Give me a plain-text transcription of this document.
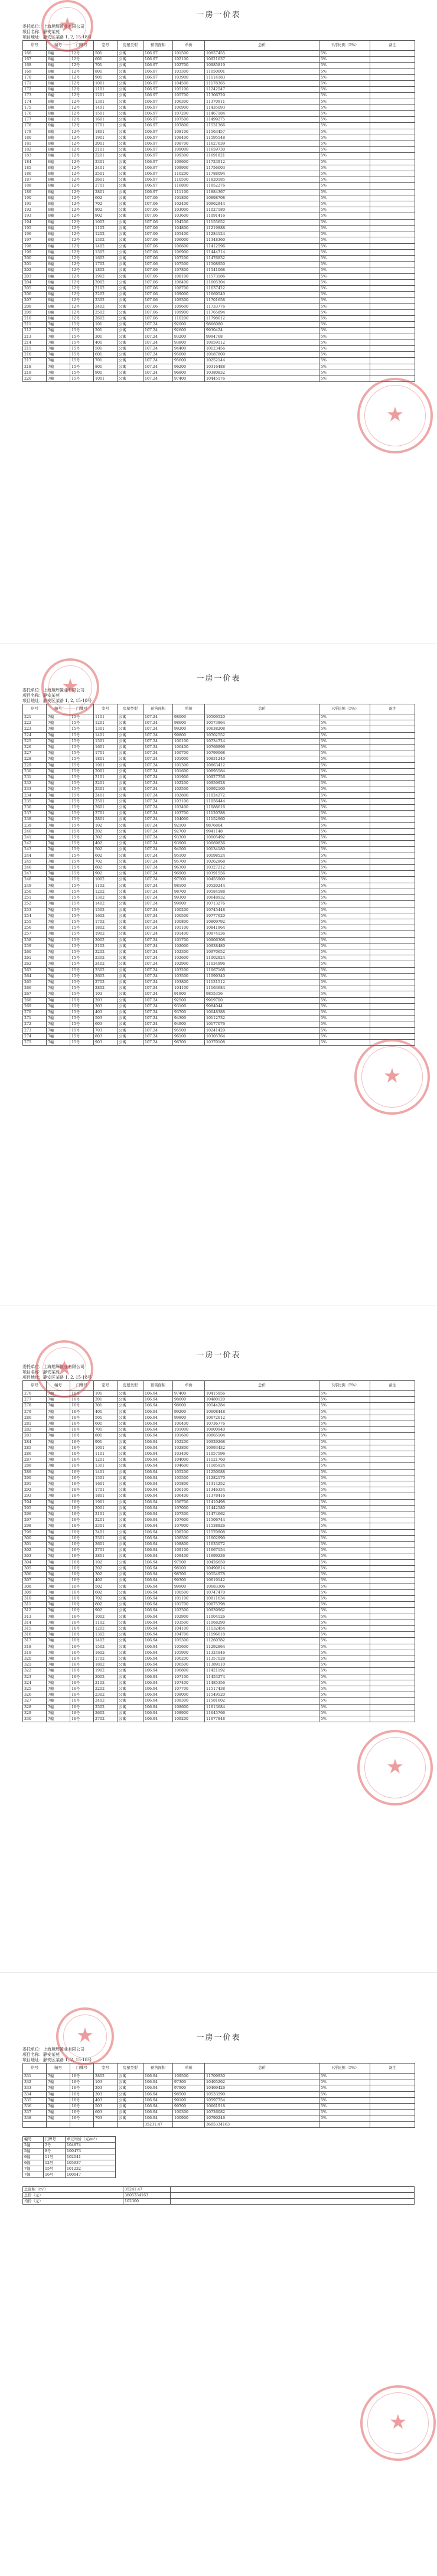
一房一价表
委托单位：上海旭辉置业有限公司
项目名称：静安某苑
项目地址：静安区某路 1, 2, 15-18号
序号	幢号	门牌号	室号	房屋类型	预售面积	单价	总价	下浮比例（5%）	备注
166	6幢	12号	501	公寓	106.97	101500	10857455	5%	
167	6幢	12号	601	公寓	106.97	102100	10921637	5%	
168	6幢	12号	701	公寓	106.97	102700	10985819	5%	
169	6幢	12号	801	公寓	106.97	103300	11050001	5%	
170	6幢	12号	901	公寓	106.97	103900	11114183	5%	
171	6幢	12号	1001	公寓	106.97	104500	11178365	5%	
172	6幢	12号	1101	公寓	106.97	105100	11242547	5%	
173	6幢	12号	1201	公寓	106.97	105700	11306729	5%	
174	6幢	12号	1301	公寓	106.97	106300	11370911	5%	
175	6幢	12号	1401	公寓	106.97	106900	11435093	5%	
176	6幢	12号	1501	公寓	106.97	107200	11467184	5%	
177	6幢	12号	1601	公寓	106.97	107500	11499275	5%	
178	6幢	12号	1701	公寓	106.97	107800	11531366	5%	
179	6幢	12号	1801	公寓	106.97	108100	11563457	5%	
180	6幢	12号	1901	公寓	106.97	108400	11595548	5%	
181	6幢	12号	2001	公寓	106.97	108700	11627639	5%	
182	6幢	12号	2101	公寓	106.97	109000	11659730	5%	
183	6幢	12号	2201	公寓	106.97	109300	11691821	5%	
184	6幢	12号	2301	公寓	106.97	109600	11723912	5%	
185	6幢	12号	2401	公寓	106.97	109900	11756003	5%	
186	6幢	12号	2501	公寓	106.97	110200	11788094	5%	
187	6幢	12号	2601	公寓	106.97	110500	11820185	5%	
188	6幢	12号	2701	公寓	106.97	110800	11852276	5%	
189	6幢	12号	2801	公寓	106.97	111100	11884367	5%	
190	6幢	12号	602	公寓	107.06	101800	10898708	5%	
191	6幢	12号	702	公寓	107.06	102400	10962944	5%	
192	6幢	12号	802	公寓	107.06	103000	11027180	5%	
193	6幢	12号	902	公寓	107.06	103600	11091416	5%	
194	6幢	12号	1002	公寓	107.06	104200	11155652	5%	
195	6幢	12号	1102	公寓	107.06	104800	11219888	5%	
196	6幢	12号	1202	公寓	107.06	105400	11284124	5%	
197	6幢	12号	1302	公寓	107.06	106000	11348360	5%	
198	6幢	12号	1402	公寓	107.06	106600	11412596	5%	
199	6幢	12号	1502	公寓	107.06	106900	11444714	5%	
200	6幢	12号	1602	公寓	107.06	107200	11476832	5%	
201	6幢	12号	1702	公寓	107.06	107500	11508950	5%	
202	6幢	12号	1802	公寓	107.06	107800	11541068	5%	
203	6幢	12号	1902	公寓	107.06	108100	11573186	5%	
204	6幢	12号	2002	公寓	107.06	108400	11605304	5%	
205	6幢	12号	2102	公寓	107.06	108700	11637422	5%	
206	6幢	12号	2202	公寓	107.06	109000	11669540	5%	
207	6幢	12号	2302	公寓	107.06	109300	11701658	5%	
208	6幢	12号	2402	公寓	107.06	109600	11733776	5%	
209	6幢	12号	2502	公寓	107.06	109900	11765894	5%	
210	6幢	12号	2602	公寓	107.06	110200	11798012	5%	
211	7幢	15号	101	公寓	107.24	92000	9866080	5%	
212	7幢	15号	201	公寓	107.24	92600	9930424	5%	
213	7幢	15号	301	公寓	107.24	93200	9994768	5%	
214	7幢	15号	401	公寓	107.24	93800	10059112	5%	
215	7幢	15号	501	公寓	107.24	94400	10123456	5%	
216	7幢	15号	601	公寓	107.24	95000	10187800	5%	
217	7幢	15号	701	公寓	107.24	95600	10252144	5%	
218	7幢	15号	801	公寓	107.24	96200	10316488	5%	
219	7幢	15号	901	公寓	107.24	96800	10380832	5%	
220	7幢	15号	1001	公寓	107.24	97400	10445176	5%	
★
★
一房一价表
委托单位：上海旭辉置业有限公司
项目名称：静安某苑
项目地址：静安区某路 1, 2, 15-18号
序号	幢号	门牌号	室号	房屋类型	预售面积	单价	总价	下浮比例（5%）	备注
221	7幢	15号	1101	公寓	107.24	98000	10509520	5%	
222	7幢	15号	1201	公寓	107.24	98600	10573864	5%	
223	7幢	15号	1301	公寓	107.24	99200	10638208	5%	
224	7幢	15号	1401	公寓	107.24	99800	10702552	5%	
225	7幢	15号	1501	公寓	107.24	100100	10734724	5%	
226	7幢	15号	1601	公寓	107.24	100400	10766896	5%	
227	7幢	15号	1701	公寓	107.24	100700	10799068	5%	
228	7幢	15号	1801	公寓	107.24	101000	10831240	5%	
229	7幢	15号	1901	公寓	107.24	101300	10863412	5%	
230	7幢	15号	2001	公寓	107.24	101600	10895584	5%	
231	7幢	15号	2101	公寓	107.24	101900	10927756	5%	
232	7幢	15号	2201	公寓	107.24	102200	10959928	5%	
233	7幢	15号	2301	公寓	107.24	102500	10992100	5%	
234	7幢	15号	2401	公寓	107.24	102800	11024272	5%	
235	7幢	15号	2501	公寓	107.24	103100	11056444	5%	
236	7幢	15号	2601	公寓	107.24	103400	11088616	5%	
237	7幢	15号	2701	公寓	107.24	103700	11120788	5%	
238	7幢	15号	2801	公寓	107.24	104000	11152960	5%	
239	7幢	15号	102	公寓	107.24	92100	9876804	5%	
240	7幢	15号	202	公寓	107.24	92700	9941148	5%	
241	7幢	15号	302	公寓	107.24	93300	10005492	5%	
242	7幢	15号	402	公寓	107.24	93900	10069836	5%	
243	7幢	15号	502	公寓	107.24	94500	10134180	5%	
244	7幢	15号	602	公寓	107.24	95100	10198524	5%	
245	7幢	15号	702	公寓	107.24	95700	10262868	5%	
246	7幢	15号	802	公寓	107.24	96300	10327212	5%	
247	7幢	15号	902	公寓	107.24	96900	10391556	5%	
248	7幢	15号	1002	公寓	107.24	97500	10455900	5%	
249	7幢	15号	1102	公寓	107.24	98100	10520244	5%	
250	7幢	15号	1202	公寓	107.24	98700	10584588	5%	
251	7幢	15号	1302	公寓	107.24	99300	10648932	5%	
252	7幢	15号	1402	公寓	107.24	99900	10713276	5%	
253	7幢	15号	1502	公寓	107.24	100200	10745448	5%	
254	7幢	15号	1602	公寓	107.24	100500	10777620	5%	
255	7幢	15号	1702	公寓	107.24	100800	10809792	5%	
256	7幢	15号	1802	公寓	107.24	101100	10841964	5%	
257	7幢	15号	1902	公寓	107.24	101400	10874136	5%	
258	7幢	15号	2002	公寓	107.24	101700	10906308	5%	
259	7幢	15号	2102	公寓	107.24	102000	10938480	5%	
260	7幢	15号	2202	公寓	107.24	102300	10970652	5%	
261	7幢	15号	2302	公寓	107.24	102600	11002824	5%	
262	7幢	15号	2402	公寓	107.24	102900	11034996	5%	
263	7幢	15号	2502	公寓	107.24	103200	11067168	5%	
264	7幢	15号	2602	公寓	107.24	103500	11099340	5%	
265	7幢	15号	2702	公寓	107.24	103800	11131512	5%	
266	7幢	15号	2802	公寓	107.24	104100	11163684	5%	
267	7幢	15号	103	公寓	107.24	91900	9855356	5%	
268	7幢	15号	203	公寓	107.24	92500	9919700	5%	
269	7幢	15号	303	公寓	107.24	93100	9984044	5%	
270	7幢	15号	403	公寓	107.24	93700	10048388	5%	
271	7幢	15号	503	公寓	107.24	94300	10112732	5%	
272	7幢	15号	603	公寓	107.24	94900	10177076	5%	
273	7幢	15号	703	公寓	107.24	95500	10241420	5%	
274	7幢	15号	803	公寓	107.24	96100	10305764	5%	
275	7幢	15号	903	公寓	107.24	96700	10370108	5%	
★
★
一房一价表
委托单位：上海旭辉置业有限公司
项目名称：静安某苑
项目地址：静安区某路 1, 2, 15-18号
序号	幢号	门牌号	室号	房屋类型	预售面积	单价	总价	下浮比例（5%）	备注
276	7幢	16号	101	公寓	106.94	97400	10415956	5%	
277	7幢	16号	201	公寓	106.94	98000	10480120	5%	
278	7幢	16号	301	公寓	106.94	98600	10544284	5%	
279	7幢	16号	401	公寓	106.94	99200	10608448	5%	
280	7幢	16号	501	公寓	106.94	99800	10672612	5%	
281	7幢	16号	601	公寓	106.94	100400	10736776	5%	
282	7幢	16号	701	公寓	106.94	101000	10800940	5%	
283	7幢	16号	801	公寓	106.94	101600	10865104	5%	
284	7幢	16号	901	公寓	106.94	102200	10929268	5%	
285	7幢	16号	1001	公寓	106.94	102800	10993432	5%	
286	7幢	16号	1101	公寓	106.94	103400	11057596	5%	
287	7幢	16号	1201	公寓	106.94	104000	11121760	5%	
288	7幢	16号	1301	公寓	106.94	104600	11185924	5%	
289	7幢	16号	1401	公寓	106.94	105200	11250088	5%	
290	7幢	16号	1501	公寓	106.94	105500	11282170	5%	
291	7幢	16号	1601	公寓	106.94	105800	11314252	5%	
292	7幢	16号	1701	公寓	106.94	106100	11346334	5%	
293	7幢	16号	1801	公寓	106.94	106400	11378416	5%	
294	7幢	16号	1901	公寓	106.94	106700	11410498	5%	
295	7幢	16号	2001	公寓	106.94	107000	11442580	5%	
296	7幢	16号	2101	公寓	106.94	107300	11474662	5%	
297	7幢	16号	2201	公寓	106.94	107600	11506744	5%	
298	7幢	16号	2301	公寓	106.94	107900	11538826	5%	
299	7幢	16号	2401	公寓	106.94	108200	11570908	5%	
300	7幢	16号	2501	公寓	106.94	108500	11602990	5%	
301	7幢	16号	2601	公寓	106.94	108800	11635072	5%	
302	7幢	16号	2701	公寓	106.94	109100	11667154	5%	
303	7幢	16号	2801	公寓	106.94	109400	11699236	5%	
304	7幢	16号	102	公寓	106.94	97500	10426650	5%	
305	7幢	16号	202	公寓	106.94	98100	10490814	5%	
306	7幢	16号	302	公寓	106.94	98700	10554978	5%	
307	7幢	16号	402	公寓	106.94	99300	10619142	5%	
308	7幢	16号	502	公寓	106.94	99900	10683306	5%	
309	7幢	16号	602	公寓	106.94	100500	10747470	5%	
310	7幢	16号	702	公寓	106.94	101100	10811634	5%	
311	7幢	16号	802	公寓	106.94	101700	10875798	5%	
312	7幢	16号	902	公寓	106.94	102300	10939962	5%	
313	7幢	16号	1002	公寓	106.94	102900	11004126	5%	
314	7幢	16号	1102	公寓	106.94	103500	11068290	5%	
315	7幢	16号	1202	公寓	106.94	104100	11132454	5%	
316	7幢	16号	1302	公寓	106.94	104700	11196618	5%	
317	7幢	16号	1402	公寓	106.94	105300	11260782	5%	
318	7幢	16号	1502	公寓	106.94	105600	11292864	5%	
319	7幢	16号	1602	公寓	106.94	105900	11324946	5%	
320	7幢	16号	1702	公寓	106.94	106200	11357028	5%	
321	7幢	16号	1802	公寓	106.94	106500	11389110	5%	
322	7幢	16号	1902	公寓	106.94	106800	11421192	5%	
323	7幢	16号	2002	公寓	106.94	107100	11453274	5%	
324	7幢	16号	2102	公寓	106.94	107400	11485356	5%	
325	7幢	16号	2202	公寓	106.94	107700	11517438	5%	
326	7幢	16号	2302	公寓	106.94	108000	11549520	5%	
327	7幢	16号	2402	公寓	106.94	108300	11581602	5%	
328	7幢	16号	2502	公寓	106.94	108600	11613684	5%	
329	7幢	16号	2602	公寓	106.94	108900	11645766	5%	
330	7幢	16号	2702	公寓	106.94	109200	11677848	5%	
★
★
一房一价表
委托单位：上海旭辉置业有限公司
项目名称：静安某苑
项目地址：静安区某路 1, 2, 15-18号
序号	幢号	门牌号	室号	房屋类型	预售面积	单价	总价	下浮比例（5%）	备注
331	7幢	16号	2802	公寓	106.94	109500	11709930	5%	
332	7幢	16号	103	公寓	106.94	97300	10405262	5%	
333	7幢	16号	203	公寓	106.94	97900	10469426	5%	
334	7幢	16号	303	公寓	106.94	98500	10533590	5%	
335	7幢	16号	403	公寓	106.94	99100	10597754	5%	
336	7幢	16号	503	公寓	106.94	99700	10661918	5%	
337	7幢	16号	603	公寓	106.94	100300	10726082	5%	
338	7幢	16号	703	公寓	106.94	100900	10790246	5%	
					35231.47		3605334163		
幢号	门牌号	单元均价（元/m²）
2幢	2号	104874
5幢	8号	100473
6幢	11号	102041
6幢	12号	105937
7幢	15号	101232
7幢	16号	100047
总面积（m²）	35241.47	
总价（元）	3605334163	
均价（元）	102300	
★
★
